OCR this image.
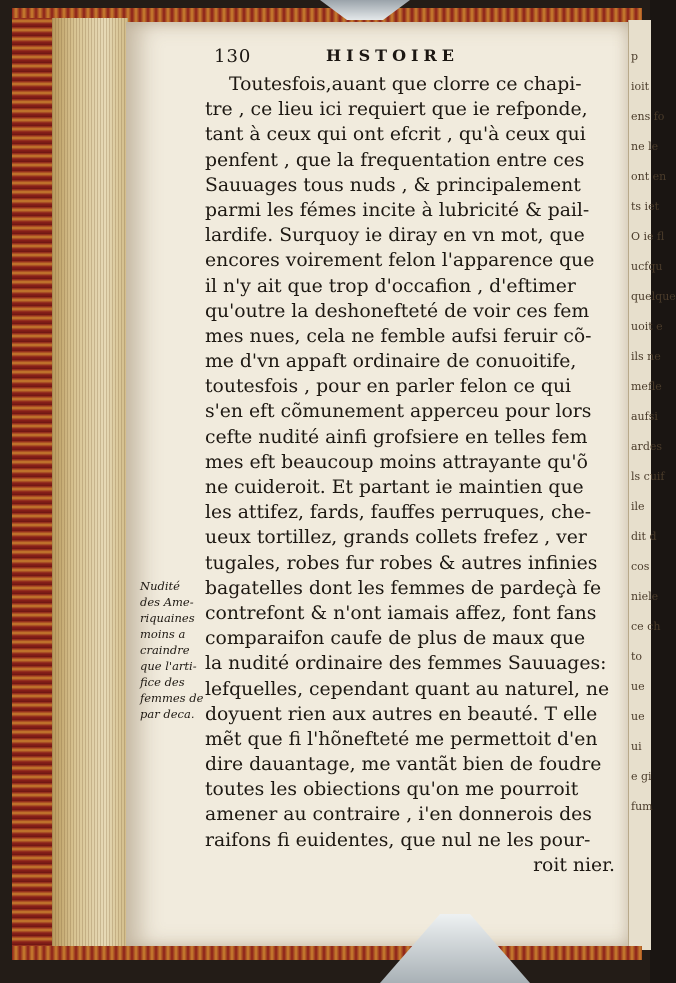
p
ioit
ens fo
ne le
ont en
ts iet
O ie fl
ucfqu
quelque
uoit e
ils ne
mefle
aufsi
ardes
ls cuif
ile
dit d
cos
niele
ce ch
to
ue
ue
ui
e gi
fum
130	HISTOIRE
Toutesfois,auant que clorre ce chapi-
tre , ce lieu ici requiert que ie refponde,
tant à ceux qui ont efcrit , qu'à ceux qui
penfent , que la frequentation entre ces
Sauuages tous nuds , & principalement
parmi les fémes incite à lubricité & pail-
lardife. Surquoy ie diray en vn mot, que
encores voirement felon l'apparence que
il n'y ait que trop d'occafion , d'eftimer
qu'outre la deshonefteté de voir ces fem
mes nues, cela ne femble aufsi feruir cõ-
me d'vn appaft ordinaire de conuoitife,
toutesfois , pour en parler felon ce qui
s'en eft cõmunement apperceu pour lors
cefte nudité ainfi grofsiere en telles fem
mes eft beaucoup moins attrayante qu'õ
ne cuideroit. Et partant ie maintien que
les attifez, fards, fauffes perruques, che-
ueux tortillez, grands collets frefez , ver
tugales, robes fur robes & autres infinies
bagatelles dont les femmes de pardeçà fe
contrefont & n'ont iamais affez, font fans
comparaifon caufe de plus de maux que
la nudité ordinaire des femmes Sauuages:
lefquelles, cependant quant au naturel, ne
doyuent rien aux autres en beauté. T elle
mẽt que fi l'hõnefteté me permettoit d'en
dire dauantage, me vantãt bien de foudre
toutes les obiections qu'on me pourroit
amener au contraire , i'en donnerois des
raifons fi euidentes, que nul ne les pour-
roit nier.
Nudité
des Ame-
riquaines
moins a
craindre
que l'arti-
fice des
femmes de
par deca.
